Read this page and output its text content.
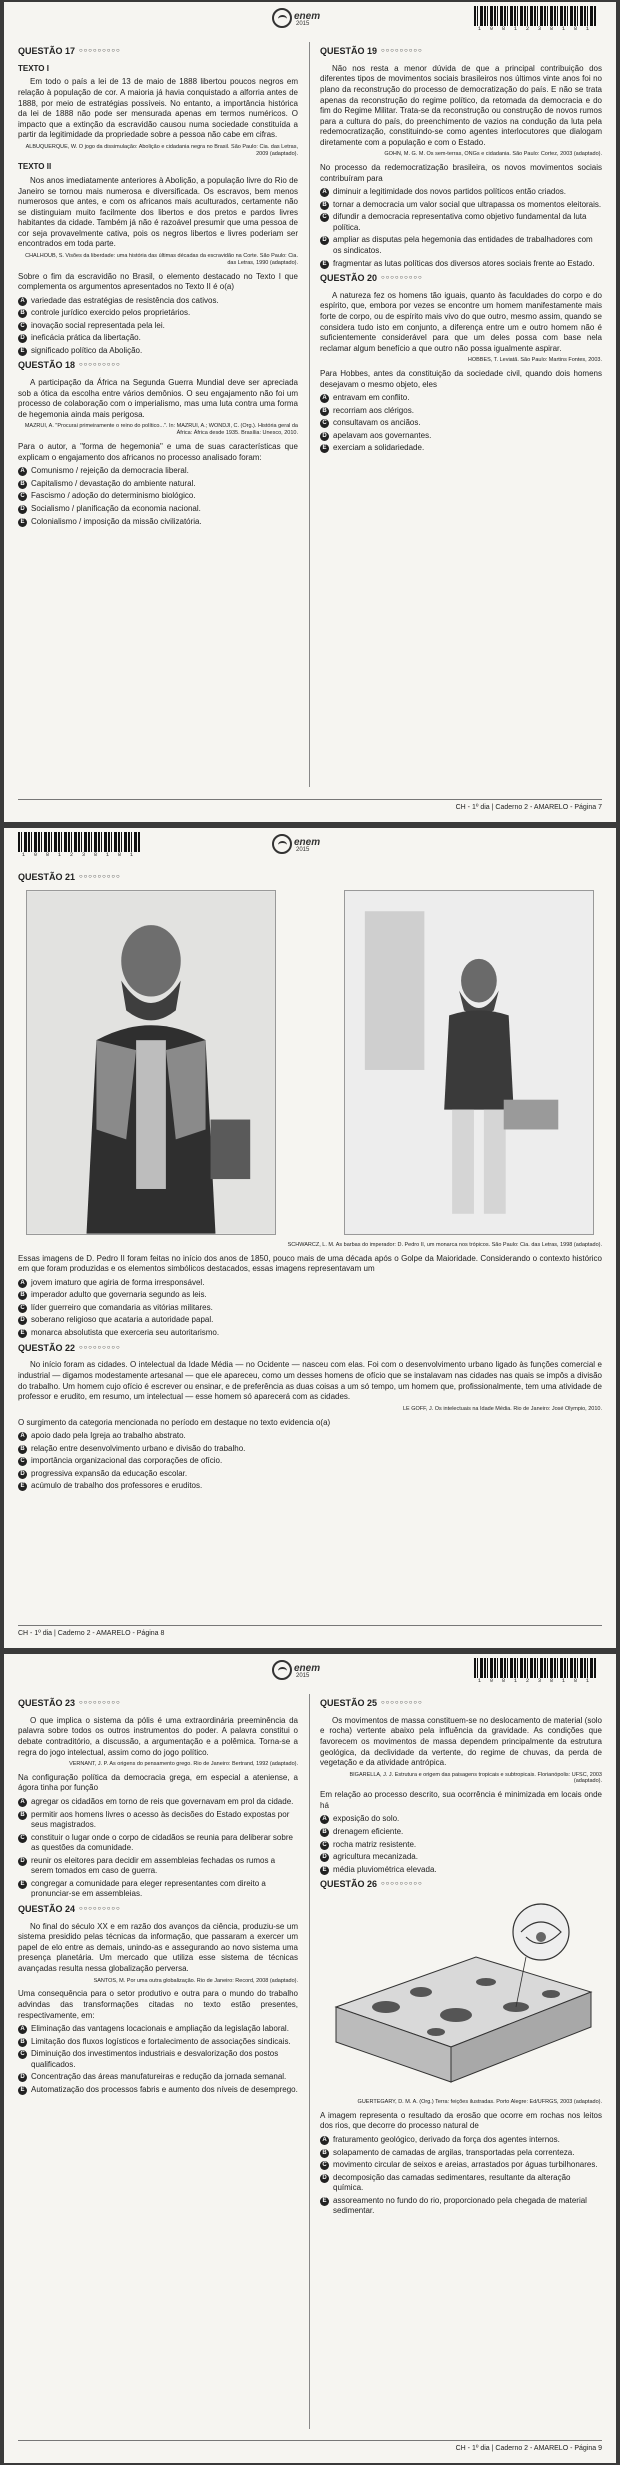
enem
2015
1 0 8 1 2 3 8 1 8 1
QUESTÃO 17 ○○○○○○○○○
TEXTO I

Em todo o país a lei de 13 de maio de 1888 libertou poucos negros em relação à população de cor. A maioria já havia conquistado a alforria antes de 1888, por meio de estratégias possíveis. No entanto, a importância histórica da lei de 1888 não pode ser mensurada apenas em termos numéricos. O impacto que a extinção da escravidão causou numa sociedade constituída a partir da legitimidade da propriedade sobre a pessoa não cabe em cifras.

ALBUQUERQUE, W. O jogo da dissimulação: Abolição e cidadania negra no Brasil. São Paulo: Cia. das Letras, 2009 (adaptado).
TEXTO II

Nos anos imediatamente anteriores à Abolição, a população livre do Rio de Janeiro se tornou mais numerosa e diversificada. Os escravos, bem menos numerosos que antes, e com os africanos mais aculturados, certamente não se distinguiam muito facilmente dos libertos e dos pretos e pardos livres habitantes da cidade. Também já não é razoável presumir que uma pessoa de cor seja provavelmente cativa, pois os negros libertos e livres poderiam ser encontrados em toda parte.

CHALHOUB, S. Visões da liberdade: uma história das últimas décadas da escravidão na Corte. São Paulo: Cia. das Letras, 1990 (adaptado).

Sobre o fim da escravidão no Brasil, o elemento destacado no Texto I que complementa os argumentos apresentados no Texto II é o(a)

A variedade das estratégias de resistência dos cativos.
B controle jurídico exercido pelos proprietários.
C inovação social representada pela lei.
D ineficácia prática da libertação.
E significado político da Abolição.
QUESTÃO 18 ○○○○○○○○○

A participação da África na Segunda Guerra Mundial deve ser apreciada sob a ótica da escolha entre vários demônios. O seu engajamento não foi um processo de colaboração com o imperialismo, mas uma luta contra uma forma de hegemonia ainda mais perigosa.

MAZRUI, A. "Procurai primeiramente o reino do político...". In: MAZRUI, A.; WONDJI, C. (Org.). História geral da África: África desde 1935. Brasília: Unesco, 2010.

Para o autor, a "forma de hegemonia" e uma de suas características que explicam o engajamento dos africanos no processo analisado foram:

A Comunismo / rejeição da democracia liberal.
B Capitalismo / devastação do ambiente natural.
C Fascismo / adoção do determinismo biológico.
D Socialismo / planificação da economia nacional.
E Colonialismo / imposição da missão civilizatória.
QUESTÃO 19 ○○○○○○○○○

Não nos resta a menor dúvida de que a principal contribuição dos diferentes tipos de movimentos sociais brasileiros nos últimos vinte anos foi no plano da reconstrução do processo de democratização do país. E não se trata apenas da reconstrução do regime político, da retomada da democracia e do fim do Regime Militar. Trata-se da reconstrução ou construção de novos rumos para a cultura do país, do preenchimento de vazios na condução da luta pela redemocratização, constituindo-se como agentes interlocutores que dialogam diretamente com a população e com o Estado.

GOHN, M. G. M. Os sem-terras, ONGs e cidadania. São Paulo: Cortez, 2003 (adaptado).

No processo da redemocratização brasileira, os novos movimentos sociais contribuíram para

A diminuir a legitimidade dos novos partidos políticos então criados.
B tornar a democracia um valor social que ultrapassa os momentos eleitorais.
C difundir a democracia representativa como objetivo fundamental da luta política.
D ampliar as disputas pela hegemonia das entidades de trabalhadores com os sindicatos.
E fragmentar as lutas políticas dos diversos atores sociais frente ao Estado.
QUESTÃO 20 ○○○○○○○○○

A natureza fez os homens tão iguais, quanto às faculdades do corpo e do espírito, que, embora por vezes se encontre um homem manifestamente mais forte de corpo, ou de espírito mais vivo do que outro, mesmo assim, quando se considera tudo isto em conjunto, a diferença entre um e outro homem não é suficientemente considerável para que um deles possa com base nela reclamar algum benefício a que outro não possa igualmente aspirar.

HOBBES, T. Leviatã. São Paulo: Martins Fontes, 2003.

Para Hobbes, antes da constituição da sociedade civil, quando dois homens desejavam o mesmo objeto, eles

A entravam em conflito.
B recorriam aos clérigos.
C consultavam os anciãos.
D apelavam aos governantes.
E exerciam a solidariedade.
CH - 1º dia | Caderno 2 - AMARELO - Página 7
1 0 8 1 2 3 8 1 8 1
enem
2015
QUESTÃO 21 ○○○○○○○○○
SCHWARCZ, L. M. As barbas do imperador: D. Pedro II, um monarca nos trópicos. São Paulo: Cia. das Letras, 1998 (adaptado).

Essas imagens de D. Pedro II foram feitas no início dos anos de 1850, pouco mais de uma década após o Golpe da Maioridade. Considerando o contexto histórico em que foram produzidas e os elementos simbólicos destacados, essas imagens representavam um

A jovem imaturo que agiria de forma irresponsável.
B imperador adulto que governaria segundo as leis.
C líder guerreiro que comandaria as vitórias militares.
D soberano religioso que acataria a autoridade papal.
E monarca absolutista que exerceria seu autoritarismo.
QUESTÃO 22 ○○○○○○○○○

No início foram as cidades. O intelectual da Idade Média — no Ocidente — nasceu com elas. Foi com o desenvolvimento urbano ligado às funções comercial e industrial — digamos modestamente artesanal — que ele apareceu, como um desses homens de ofício que se instalavam nas cidades nas quais se impôs a divisão do trabalho. Um homem cujo ofício é escrever ou ensinar, e de preferência as duas coisas a um só tempo, um homem que, profissionalmente, tem uma atividade de professor e erudito, em resumo, um intelectual — esse homem só aparecerá com as cidades.

LE GOFF, J. Os intelectuais na Idade Média. Rio de Janeiro: José Olympio, 2010.

O surgimento da categoria mencionada no período em destaque no texto evidencia o(a)

A apoio dado pela Igreja ao trabalho abstrato.
B relação entre desenvolvimento urbano e divisão do trabalho.
C importância organizacional das corporações de ofício.
D progressiva expansão da educação escolar.
E acúmulo de trabalho dos professores e eruditos.
CH - 1º dia | Caderno 2 - AMARELO - Página 8
enem
2015
1 0 8 1 2 3 8 1 8 1
QUESTÃO 23 ○○○○○○○○○

O que implica o sistema da pólis é uma extraordinária preeminência da palavra sobre todos os outros instrumentos do poder. A palavra constitui o debate contraditório, a discussão, a argumentação e a polêmica. Torna-se a regra do jogo intelectual, assim como do jogo político.

VERNANT, J. P. As origens do pensamento grego. Rio de Janeiro: Bertrand, 1992 (adaptado).

Na configuração política da democracia grega, em especial a ateniense, a ágora tinha por função

A agregar os cidadãos em torno de reis que governavam em prol da cidade.
B permitir aos homens livres o acesso às decisões do Estado expostas por seus magistrados.
C constituir o lugar onde o corpo de cidadãos se reunia para deliberar sobre as questões da comunidade.
D reunir os eleitores para decidir em assembleias fechadas os rumos a serem tomados em caso de guerra.
E congregar a comunidade para eleger representantes com direito a pronunciar-se em assembleias.
QUESTÃO 24 ○○○○○○○○○

No final do século XX e em razão dos avanços da ciência, produziu-se um sistema presidido pelas técnicas da informação, que passaram a exercer um papel de elo entre as demais, unindo-as e assegurando ao novo sistema uma presença planetária. Um mercado que utiliza esse sistema de técnicas avançadas resulta nessa globalização perversa.

SANTOS, M. Por uma outra globalização. Rio de Janeiro: Record, 2008 (adaptado).

Uma consequência para o setor produtivo e outra para o mundo do trabalho advindas das transformações citadas no texto estão presentes, respectivamente, em:

A Eliminação das vantagens locacionais e ampliação da legislação laboral.
B Limitação dos fluxos logísticos e fortalecimento de associações sindicais.
C Diminuição dos investimentos industriais e desvalorização dos postos qualificados.
D Concentração das áreas manufatureiras e redução da jornada semanal.
E Automatização dos processos fabris e aumento dos níveis de desemprego.
QUESTÃO 25 ○○○○○○○○○

Os movimentos de massa constituem-se no deslocamento de material (solo e rocha) vertente abaixo pela influência da gravidade. As condições que favorecem os movimentos de massa dependem principalmente da estrutura geológica, da declividade da vertente, do regime de chuvas, da perda de vegetação e da atividade antrópica.

BIGARELLA, J. J. Estrutura e origem das paisagens tropicais e subtropicais. Florianópolis: UFSC, 2003 (adaptado).

Em relação ao processo descrito, sua ocorrência é minimizada em locais onde há

A exposição do solo.
B drenagem eficiente.
C rocha matriz resistente.
D agricultura mecanizada.
E média pluviométrica elevada.
QUESTÃO 26 ○○○○○○○○○
GUERTEGARY, D. M. A. (Org.) Terra: feições ilustradas. Porto Alegre: Ed/UFRGS, 2003 (adaptado).

A imagem representa o resultado da erosão que ocorre em rochas nos leitos dos rios, que decorre do processo natural de

A fraturamento geológico, derivado da força dos agentes internos.
B solapamento de camadas de argilas, transportadas pela correnteza.
C movimento circular de seixos e areias, arrastados por águas turbilhonares.
D decomposição das camadas sedimentares, resultante da alteração química.
E assoreamento no fundo do rio, proporcionado pela chegada de material sedimentar.
CH - 1º dia | Caderno 2 - AMARELO - Página 9
